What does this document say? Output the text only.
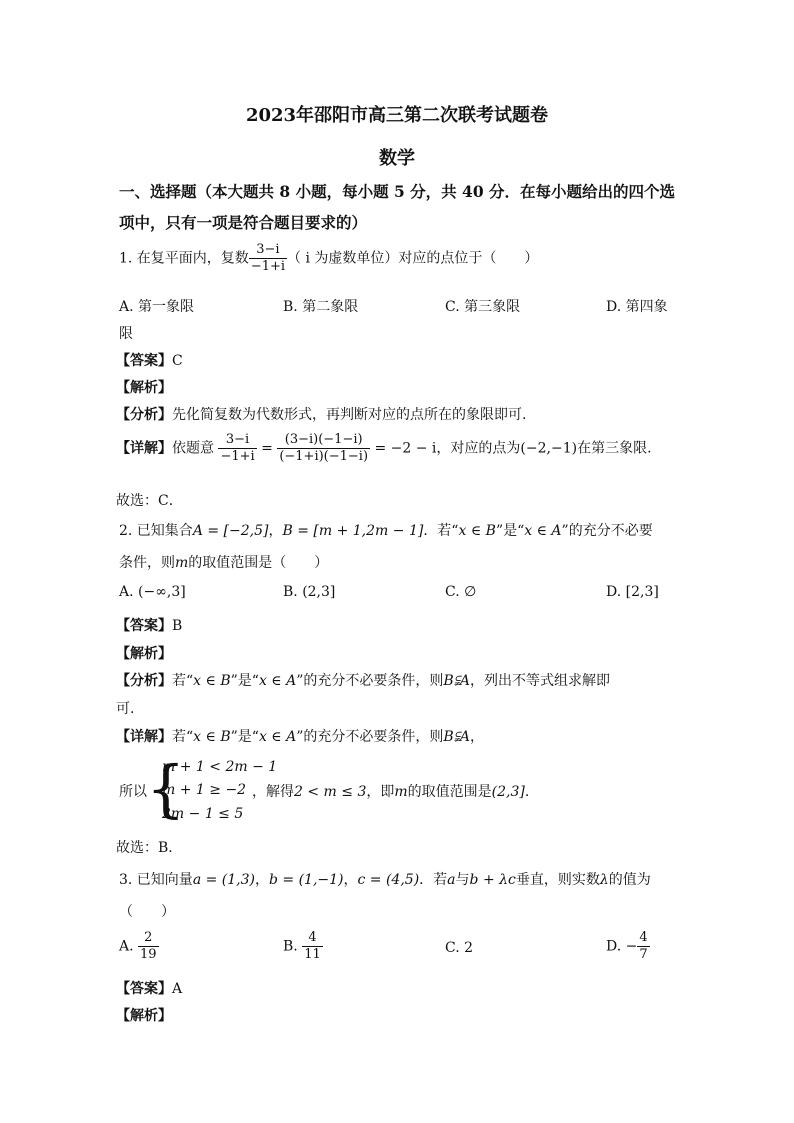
2023年邵阳市高三第二次联考试题卷
数学
一、选择题（本大题共 8 小题，每小题 5 分，共 40 分．在每小题给出的四个选
项中，只有一项是符合题目要求的）
1. 在复平面内，复数 $\frac{3-i}{-1+i}$ （ i 为虚数单位）对应的点位于（　　）
A. 第一象限	B. 第二象限	C. 第三象限	D. 第四象
限
【答案】C
【解析】
【分析】先化简复数为代数形式，再判断对应的点所在的象限即可.
【详解】依题意 $\frac{3-i}{-1+i} = \frac{(3-i)(-1-i)}{(-1+i)(-1-i)} = -2 - i$，对应的点为(−2,−1)在第三象限.
故选：C．
2. 已知集合A = [−2,5]，B = [m + 1,2m − 1]．若“x ∈ B”是“x ∈ A”的充分不必要
条件，则m的取值范围是（　　）
A. (−∞,3]	B. (2,3]	C. ∅	D. [2,3]
【答案】B
【解析】
【分析】若“x ∈ B”是“x ∈ A”的充分不必要条件，则B⫋A，列出不等式组求解即
可.
【详解】若“x ∈ B”是“x ∈ A”的充分不必要条件，则B⫋A，
所以 {
m + 1 < 2m − 1
m + 1 ≥ −2
2m − 1 ≤ 5
，解得2 < m ≤ 3，即m的取值范围是(2,3].
故选：B.
3. 已知向量a = (1,3)，b = (1,−1)，c = (4,5)．若a与b + λc垂直，则实数λ的值为
（　　）
A. $\frac{2}{19}$	B. $\frac{4}{11}$	C. 2	D. − $\frac{4}{7}$
【答案】A
【解析】
